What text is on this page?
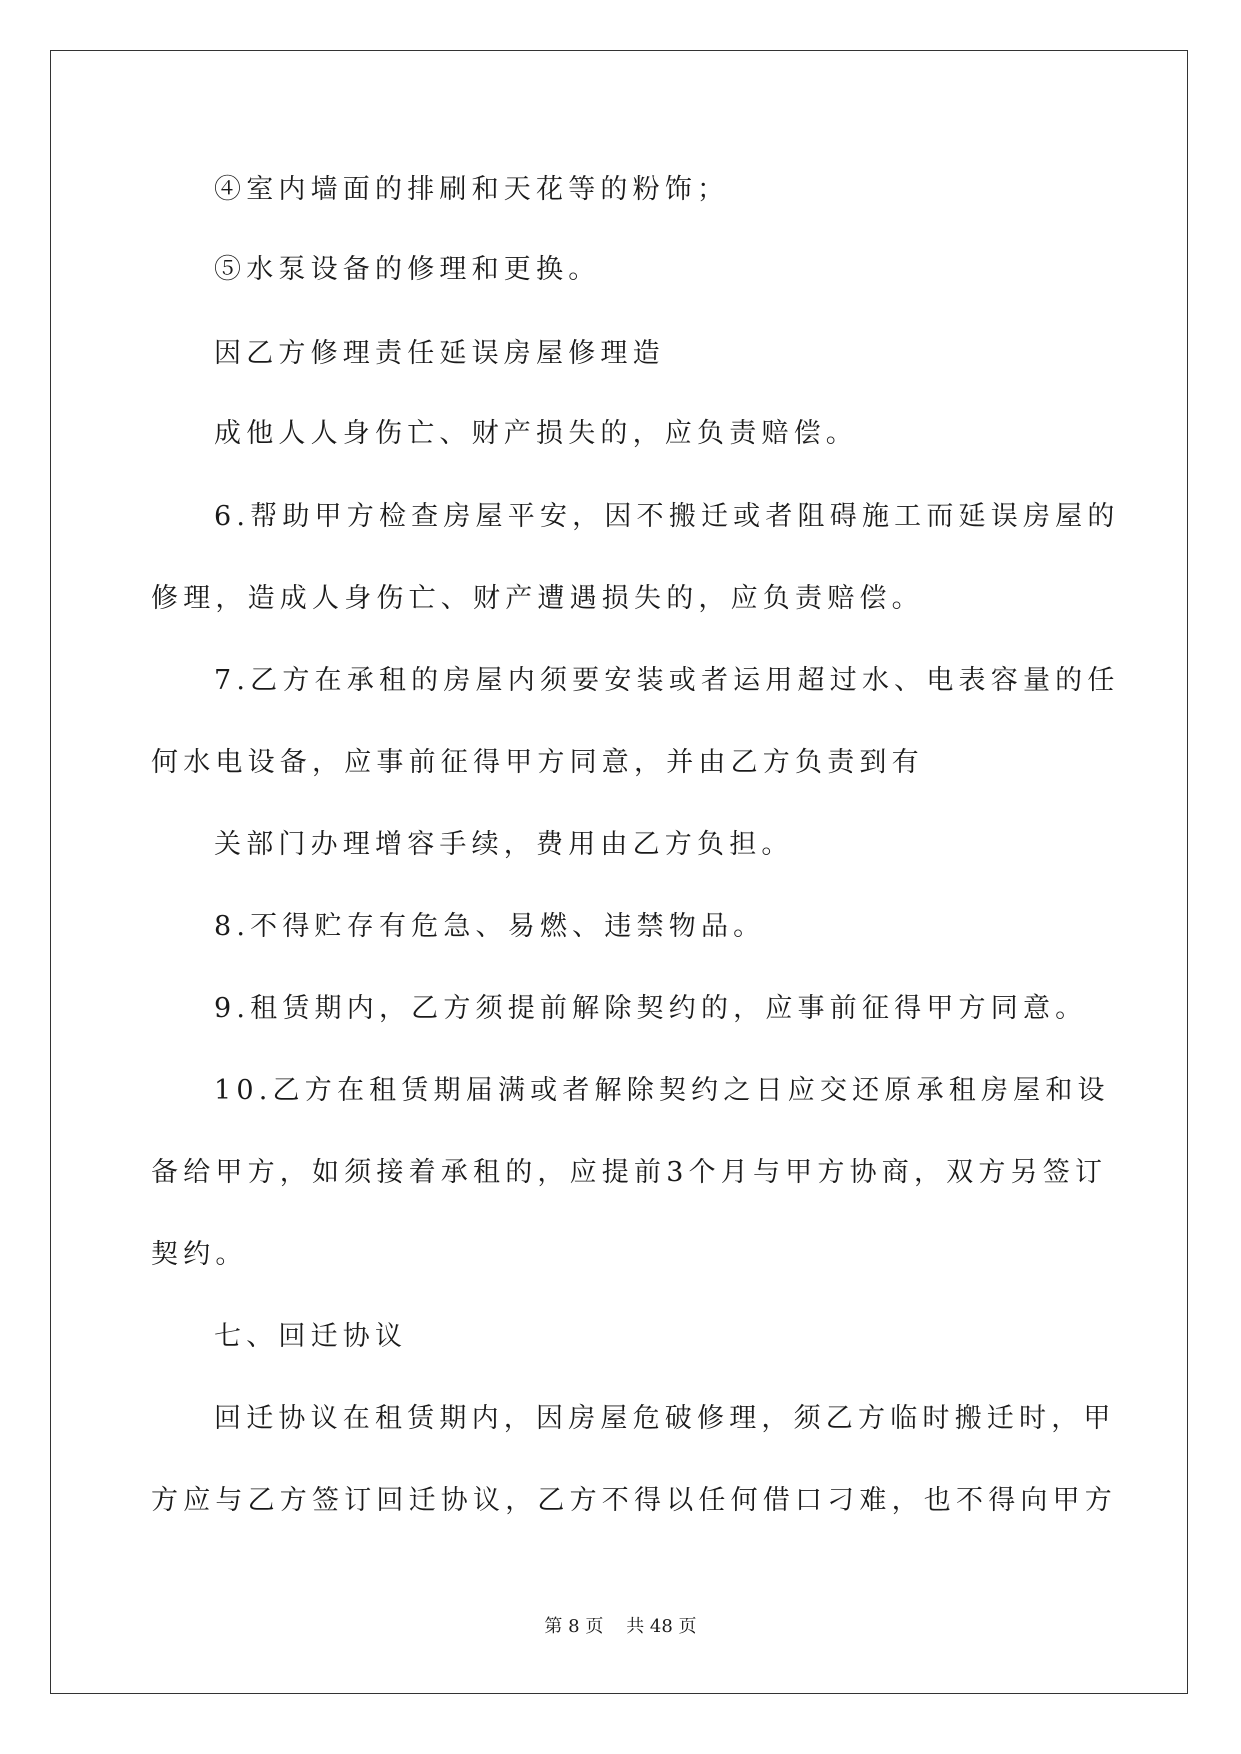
④室内墙面的排刷和天花等的粉饰；
⑤水泵设备的修理和更换。
因乙方修理责任延误房屋修理造
成他人人身伤亡、财产损失的，应负责赔偿。
6.帮助甲方检查房屋平安，因不搬迁或者阻碍施工而延误房屋的
修理，造成人身伤亡、财产遭遇损失的，应负责赔偿。
7.乙方在承租的房屋内须要安装或者运用超过水、电表容量的任
何水电设备，应事前征得甲方同意，并由乙方负责到有
关部门办理增容手续，费用由乙方负担。
8.不得贮存有危急、易燃、违禁物品。
9.租赁期内，乙方须提前解除契约的，应事前征得甲方同意。
10.乙方在租赁期届满或者解除契约之日应交还原承租房屋和设
备给甲方，如须接着承租的，应提前3个月与甲方协商，双方另签订
契约。
七、回迁协议
回迁协议在租赁期内，因房屋危破修理，须乙方临时搬迁时，甲
方应与乙方签订回迁协议，乙方不得以任何借口刁难，也不得向甲方
第 8 页    共 48 页
